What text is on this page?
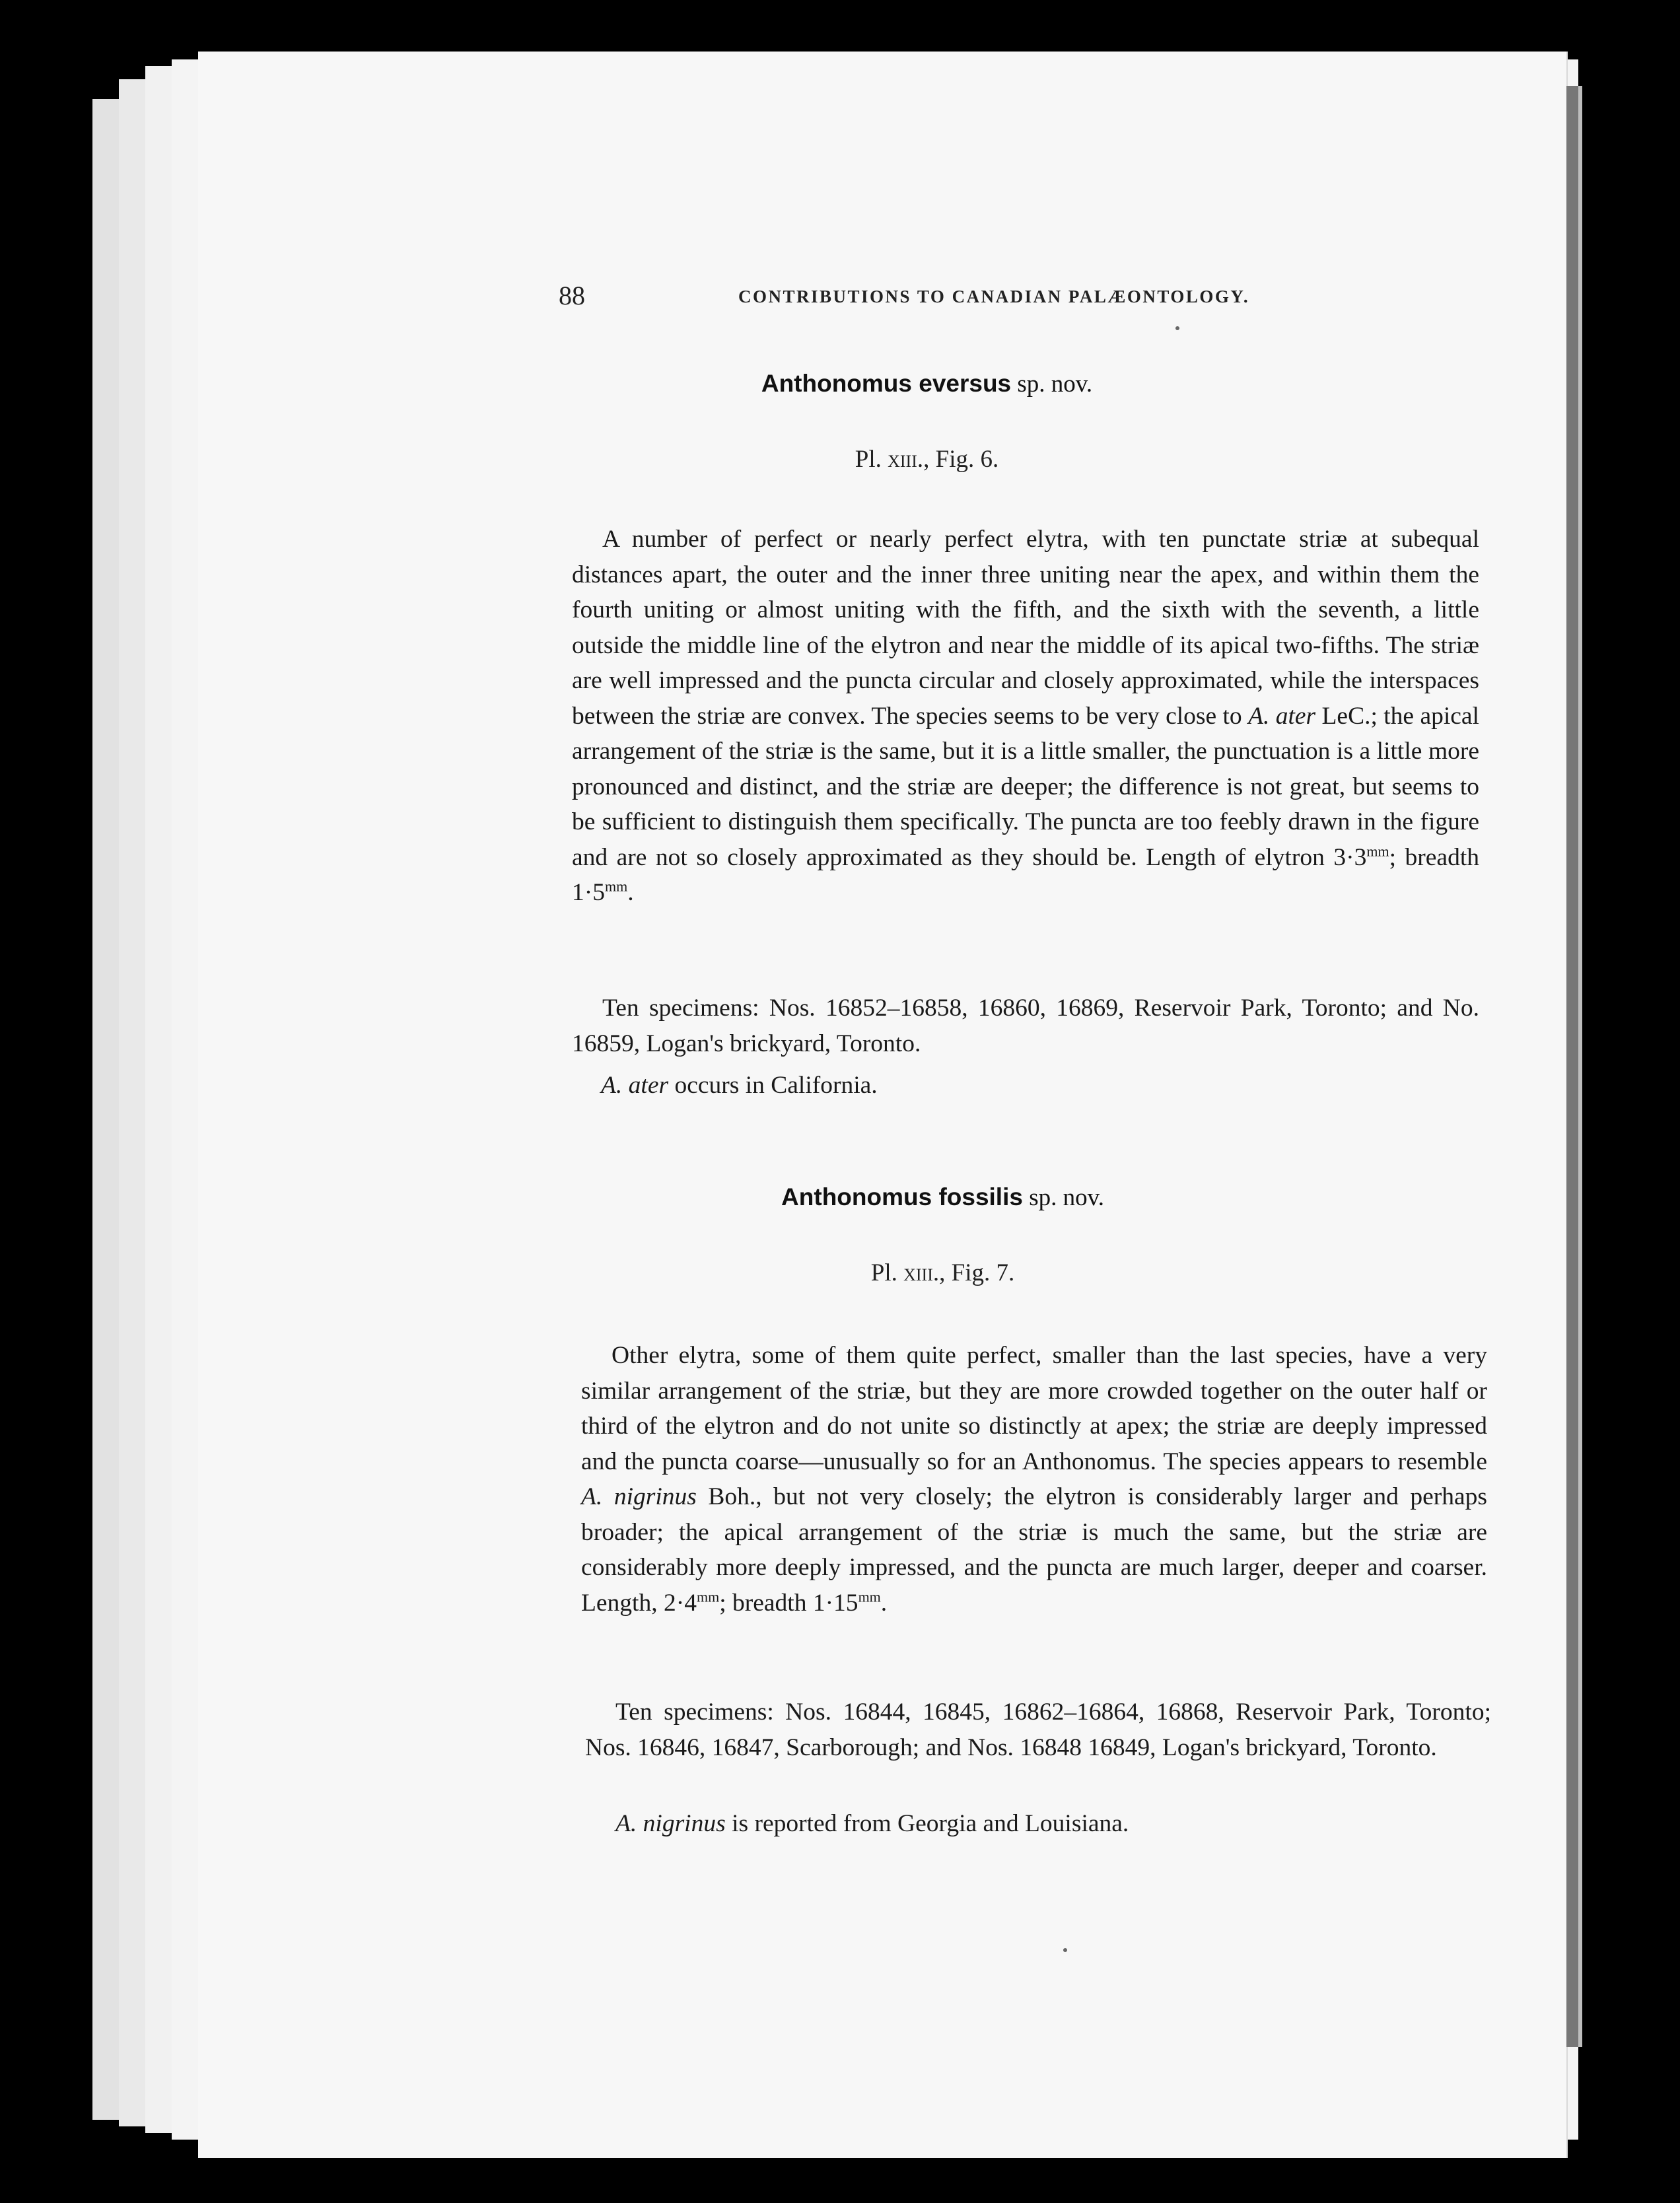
88	CONTRIBUTIONS TO CANADIAN PALÆONTOLOGY.
Anthonomus eversus sp. nov.
Pl. xiii., Fig. 6.

A number of perfect or nearly perfect elytra, with ten punctate striæ at subequal distances apart, the outer and the inner three uniting near the apex, and within them the fourth uniting or almost uniting with the fifth, and the sixth with the seventh, a little outside the middle line of the elytron and near the middle of its apical two-fifths. The striæ are well impressed and the puncta circular and closely approximated, while the interspaces between the striæ are convex. The species seems to be very close to A. ater LeC.; the apical arrangement of the striæ is the same, but it is a little smaller, the punctuation is a little more pronounced and distinct, and the striæ are deeper; the difference is not great, but seems to be sufficient to distinguish them specifically. The puncta are too feebly drawn in the figure and are not so closely approximated as they should be. Length of elytron $3\cdot 3^{mm}$; breadth $1\cdot 5^{mm}$.

Ten specimens: Nos. 16852–16858, 16860, 16869, Reservoir Park, Toronto; and No. 16859, Logan's brickyard, Toronto.

A. ater occurs in California.
Anthonomus fossilis sp. nov.
Pl. xiii., Fig. 7.

Other elytra, some of them quite perfect, smaller than the last species, have a very similar arrangement of the striæ, but they are more crowded together on the outer half or third of the elytron and do not unite so distinctly at apex; the striæ are deeply impressed and the puncta coarse—unusually so for an Anthonomus. The species appears to resemble A. nigrinus Boh., but not very closely; the elytron is considerably larger and perhaps broader; the apical arrangement of the striæ is much the same, but the striæ are considerably more deeply impressed, and the puncta are much larger, deeper and coarser. Length, $2\cdot 4^{mm}$; breadth $1\cdot 15^{mm}$.

Ten specimens: Nos. 16844, 16845, 16862–16864, 16868, Reservoir Park, Toronto; Nos. 16846, 16847, Scarborough; and Nos. 16848 16849, Logan's brickyard, Toronto.

A. nigrinus is reported from Georgia and Louisiana.
